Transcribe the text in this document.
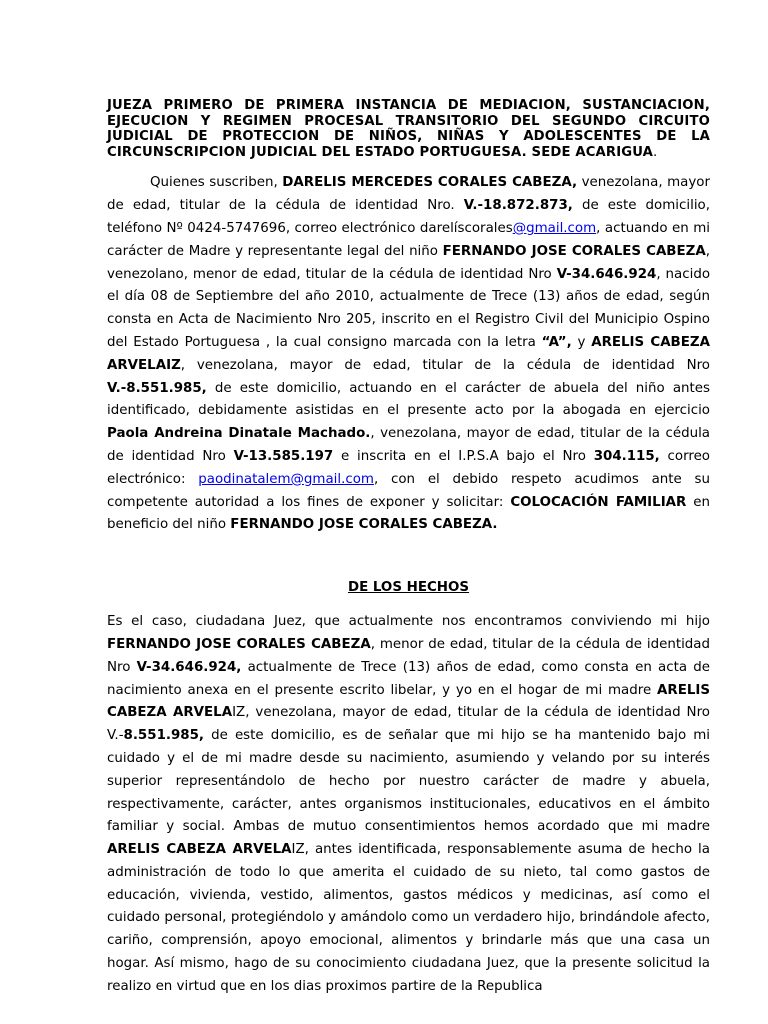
JUEZA PRIMERO DE PRIMERA INSTANCIA DE MEDIACION, SUSTANCIACION, EJECUCION Y REGIMEN PROCESAL TRANSITORIO DEL SEGUNDO CIRCUITO JUDICIAL DE PROTECCION DE NIÑOS, NIÑAS Y ADOLESCENTES DE LA CIRCUNSCRIPCION JUDICIAL DEL ESTADO PORTUGUESA. SEDE ACARIGUA.

Quienes suscriben, DARELIS MERCEDES CORALES CABEZA, venezolana, mayor de edad, titular de la cédula de identidad Nro. V.-18.872.873, de este domicilio, teléfono Nº 0424-5747696, correo electrónico darelíscorales@gmail.com, actuando en mi carácter de Madre y representante legal del niño FERNANDO JOSE CORALES CABEZA, venezolano, menor de edad, titular de la cédula de identidad Nro V-34.646.924, nacido el día 08 de Septiembre del año 2010, actualmente de Trece (13) años de edad, según consta en Acta de Nacimiento Nro 205, inscrito en el Registro Civil del Municipio Ospino del Estado Portuguesa , la cual consigno marcada con la letra “A”, y ARELIS CABEZA ARVELAIZ, venezolana, mayor de edad, titular de la cédula de identidad Nro V.-8.551.985, de este domicilio, actuando en el carácter de abuela del niño antes identificado, debidamente asistidas en el presente acto por la abogada en ejercicio Paola Andreina Dinatale Machado., venezolana, mayor de edad, titular de la cédula de identidad Nro V-13.585.197 e inscrita en el I.P.S.A bajo el Nro 304.115, correo electrónico: paodinatalem@gmail.com, con el debido respeto acudimos ante su competente autoridad a los fines de exponer y solicitar: COLOCACIÓN FAMILIAR en beneficio del niño FERNANDO JOSE CORALES CABEZA.

DE LOS HECHOS

Es el caso, ciudadana Juez, que actualmente nos encontramos conviviendo mi hijo FERNANDO JOSE CORALES CABEZA, menor de edad, titular de la cédula de identidad Nro V-34.646.924, actualmente de Trece (13) años de edad, como consta en acta de nacimiento anexa en el presente escrito libelar, y yo en el hogar de mi madre ARELIS CABEZA ARVELAIZ, venezolana, mayor de edad, titular de la cédula de identidad Nro V.-8.551.985, de este domicilio, es de señalar que mi hijo se ha mantenido bajo mi cuidado y el de mi madre desde su nacimiento, asumiendo y velando por su interés superior representándolo de hecho por nuestro carácter de madre y abuela, respectivamente, carácter, antes organismos institucionales, educativos en el ámbito familiar y social. Ambas de mutuo consentimientos hemos acordado que mi madre ARELIS CABEZA ARVELAIZ, antes identificada, responsablemente asuma de hecho la administración de todo lo que amerita el cuidado de su nieto, tal como gastos de educación, vivienda, vestido, alimentos, gastos médicos y medicinas, así como el cuidado personal, protegiéndolo y amándolo como un verdadero hijo, brindándole afecto, cariño, comprensión, apoyo emocional, alimentos y brindarle más que una casa un hogar. Así mismo, hago de su conocimiento ciudadana Juez, que la presente solicitud la realizo en virtud que en los dias proximos partire de la Republica
